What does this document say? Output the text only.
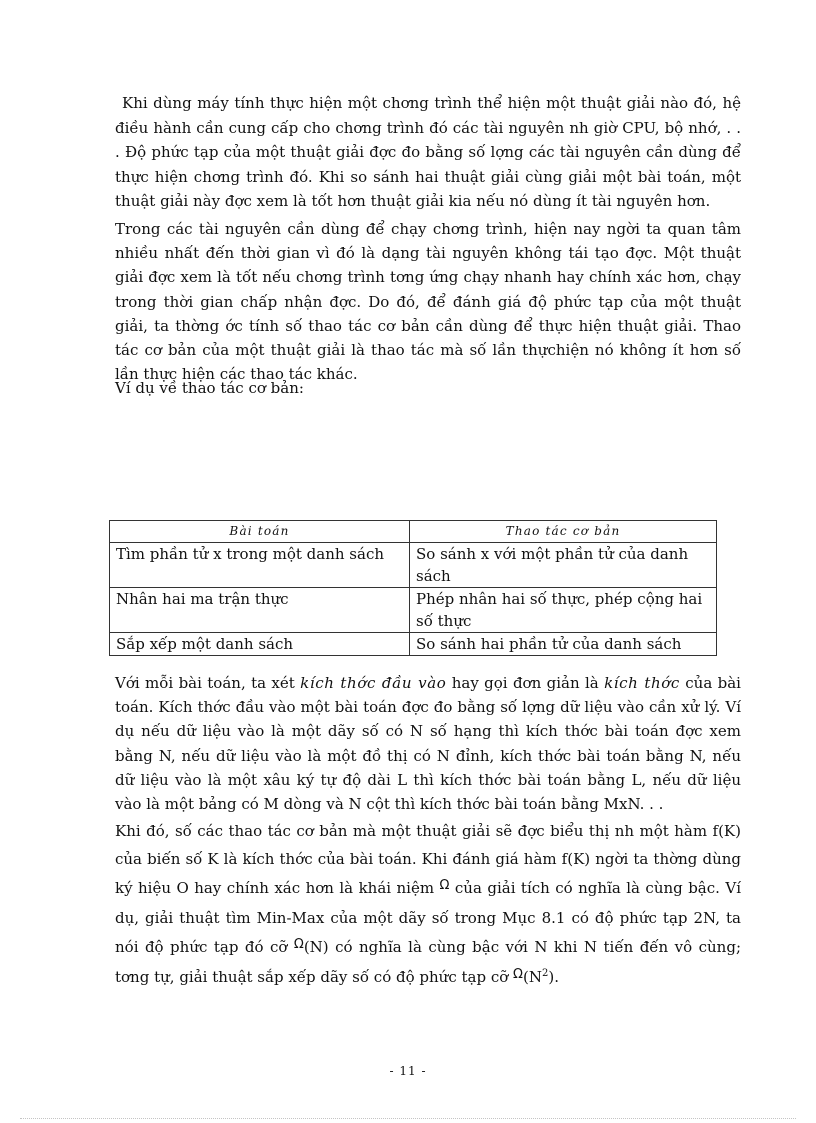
Khi dùng máy tính thực hiện một chơng trình thể hiện một thuật giải nào đó, hệ điều hành cần cung cấp cho chơng trình đó các tài nguyên nh giờ CPU, bộ nhớ, . . . Độ phức tạp của một thuật giải đợc đo bằng số lợng các tài nguyên cần dùng để thực hiện chơng trình đó. Khi so sánh hai thuật giải cùng giải một bài toán, một thuật giải này đợc xem là tốt hơn thuật giải kia nếu nó dùng ít tài nguyên hơn.

Trong các tài nguyên cần dùng để chạy chơng trình, hiện nay ngời ta quan tâm nhiều nhất đến thời gian vì đó là dạng tài nguyên không tái tạo đợc. Một thuật giải đợc xem là tốt nếu chơng trình tơng ứng chạy nhanh hay chính xác hơn, chạy trong thời gian chấp nhận đợc. Do đó, để đánh giá độ phức tạp của một thuật giải, ta thờng ớc tính số thao tác cơ bản cần dùng để thực hiện thuật giải. Thao tác cơ bản của một thuật giải là thao tác mà số lần thựchiện nó không ít hơn số lần thực hiện các thao tác khác.

Ví dụ về thao tác cơ bản:

Bài toán	Thao tác cơ bản
Tìm phần tử x trong một danh sách	So sánh x với một phần tử của danh sách
Nhân hai ma trận thực	Phép nhân hai số thực, phép cộng hai số thực
Sắp xếp một danh sách	So sánh hai phần tử của danh sách

Với mỗi bài toán, ta xét kích thớc đầu vào hay gọi đơn giản là kích thớc của bài toán. Kích thớc đầu vào một bài toán đợc đo bằng số lợng dữ liệu vào cần xử lý. Ví dụ nếu dữ liệu vào là một dãy số có N số hạng thì kích thớc bài toán đợc xem bằng N, nếu dữ liệu vào là một đồ thị có N đỉnh, kích thớc bài toán bằng N, nếu dữ liệu vào là một xâu ký tự độ dài L thì kích thớc bài toán bằng L, nếu dữ liệu vào là một bảng có M dòng và N cột thì kích thớc bài toán bằng MxN. . .

Khi đó, số các thao tác cơ bản mà một thuật giải sẽ đợc biểu thị nh một hàm f(K) của biến số K là kích thớc của bài toán. Khi đánh giá hàm f(K) ngời ta thờng dùng ký hiệu O hay chính xác hơn là khái niệm Ω của giải tích có nghĩa là cùng bậc. Ví dụ, giải thuật tìm Min-Max của một dãy số trong Mục 8.1 có độ phức tạp 2N, ta nói độ phức tạp đó cỡ Ω(N) có nghĩa là cùng bậc với N khi N tiến đến vô cùng; tơng tự, giải thuật sắp xếp dãy số có độ phức tạp cỡ $\Omega(N^2)$.

- 11 -
